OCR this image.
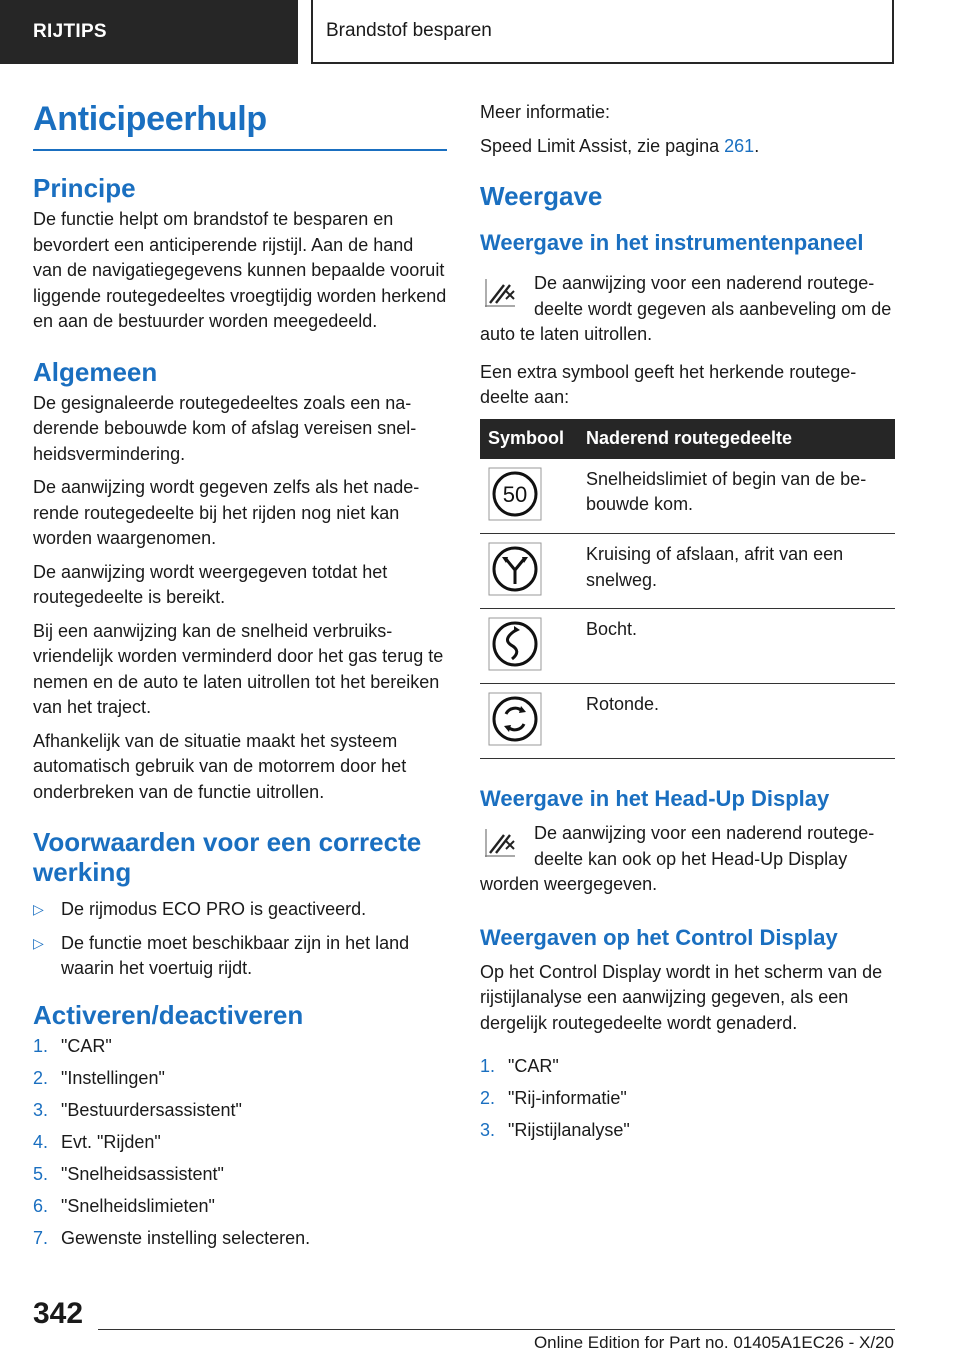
RIJTIPS	Brandstof besparen
Anticipeerhulp
Principe

De functie helpt om brandstof te besparen en bevordert een anticiperende rijstijl. Aan de hand van de navigatiegegevens kunnen bepaalde vooruit liggende routegedeeltes vroegtijdig worden herkend en aan de bestuurder worden meegedeeld.

Algemeen

De gesignaleerde routegedeeltes zoals een naderende bebouwde kom of afslag vereisen snelheidsvermindering.

De aanwijzing wordt gegeven zelfs als het naderende routegedeelte bij het rijden nog niet kan worden waargenomen.

De aanwijzing wordt weergegeven totdat het routegedeelte is bereikt.

Bij een aanwijzing kan de snelheid verbruiksvriendelijk worden verminderd door het gas terug te nemen en de auto te laten uitrollen tot het bereiken van het traject.

Afhankelijk van de situatie maakt het systeem automatisch gebruik van de motorrem door het onderbreken van de functie uitrollen.

Voorwaarden voor een correcte werking
▷ De rijmodus ECO PRO is geactiveerd.
▷ De functie moet beschikbaar zijn in het land waarin het voertuig rijdt.
Activeren/deactiveren
1. "CAR"
2. "Instellingen"
3. "Bestuurdersassistent"
4. Evt. "Rijden"
5. "Snelheidsassistent"
6. "Snelheidslimieten"
7. Gewenste instelling selecteren.

Meer informatie:

Speed Limit Assist, zie pagina 261.

Weergave
Weergave in het instrumentenpaneel

De aanwijzing voor een naderend routegedeelte wordt gegeven als aanbeveling om de auto te laten uitrollen.

Een extra symbool geeft het herkende routegedeelte aan:

Symbool	Naderend routegedeelte

50	Snelheidslimiet of begin van de bebouwde kom.

	Kruising of afslaan, afrit van een snelweg.

	Bocht.

	Rotonde.
Weergave in het Head-Up Display

De aanwijzing voor een naderend routegedeelte kan ook op het Head-Up Display worden weergegeven.

Weergaven op het Control Display

Op het Control Display wordt in het scherm van de rijstijlanalyse een aanwijzing gegeven, als een dergelijk routegedeelte wordt genaderd.

1. "CAR"
2. "Rij-informatie"
3. "Rijstijlanalyse"
342
Online Edition for Part no. 01405A1EC26 - X/20
